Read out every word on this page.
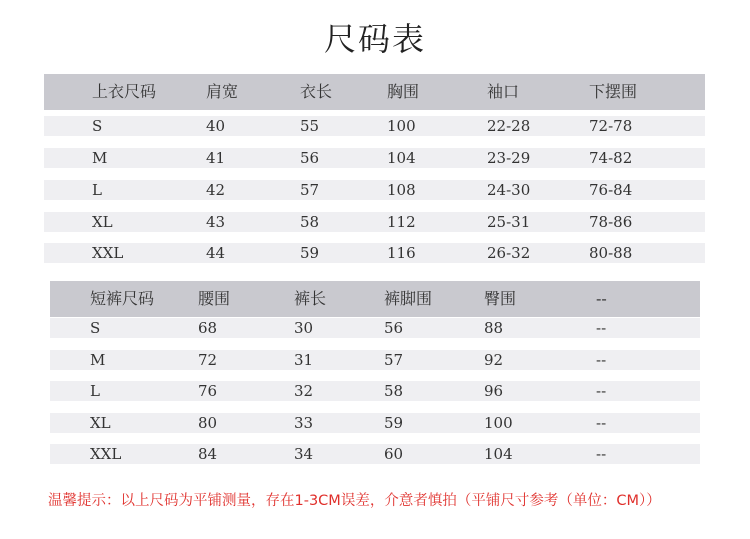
尺码表
上衣尺码	肩宽	衣长	胸围	袖口	下摆围
S	40	55	100	22-28	72-78
M	41	56	104	23-29	74-82
L	42	57	108	24-30	76-84
XL	43	58	112	25-31	78-86
XXL	44	59	116	26-32	80-88
短裤尺码	腰围	裤长	裤脚围	臀围	--
S	68	30	56	88	--
M	72	31	57	92	--
L	76	32	58	96	--
XL	80	33	59	100	--
XXL	84	34	60	104	--
温馨提示：以上尺码为平铺测量，存在1-3CM误差，介意者慎拍（平铺尺寸参考（单位：CM））
